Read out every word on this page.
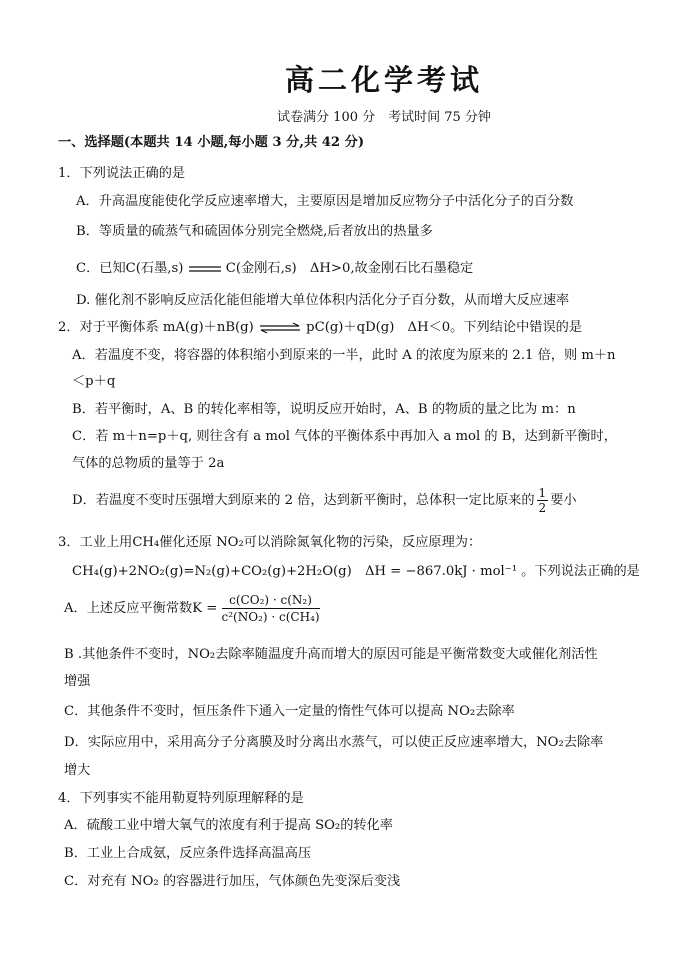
高二化学考试
试卷满分 100 分　考试时间 75 分钟
一、选择题(本题共 14 小题,每小题 3 分,共 42 分)
1．下列说法正确的是
A．升高温度能使化学反应速率增大，主要原因是增加反应物分子中活化分子的百分数
B．等质量的硫蒸气和硫固体分别完全燃烧,后者放出的热量多
C．已知C(石墨,s)	C(金刚石,s)　ΔH>0,故金刚石比石墨稳定
D. 催化剂不影响反应活化能但能增大单位体积内活化分子百分数，从而增大反应速率
2．对于平衡体系 mA(g)＋nB(g) ⇌ pC(g)＋qD(g)　ΔH＜0。下列结论中错误的是
A．若温度不变，将容器的体积缩小到原来的一半，此时 A 的浓度为原来的 2.1 倍，则 m＋n
＜p＋q
B．若平衡时，A、B 的转化率相等，说明反应开始时，A、B 的物质的量之比为 m：n
C．若 m＋n=p＋q, 则往含有 a mol 气体的平衡体系中再加入 a mol 的 B，达到新平衡时，
气体的总物质的量等于 2a
D．若温度不变时压强增大到原来的 2 倍，达到新平衡时，总体积一定比原来的 $\frac{1}{2}$ 要小
3．工业上用CH₄催化还原 NO₂可以消除氮氧化物的污染，反应原理为：
CH₄(g)+2NO₂(g)=N₂(g)+CO₂(g)+2H₂O(g)　ΔH = −867.0kJ · mol⁻¹ 。下列说法正确的是
A．上述反应平衡常数$K = \frac{\text{c(CO₂) · c(N₂)}}{\text{c²(NO₂) · c(CH₄)}}$
B .其他条件不变时，NO₂去除率随温度升高而增大的原因可能是平衡常数变大或催化剂活性
增强
C．其他条件不变时，恒压条件下通入一定量的惰性气体可以提高 NO₂去除率
D．实际应用中，采用高分子分离膜及时分离出水蒸气，可以使正反应速率增大，NO₂去除率
增大
4．下列事实不能用勒夏特列原理解释的是
A．硫酸工业中增大氧气的浓度有利于提高 SO₂的转化率
B．工业上合成氨，反应条件选择高温高压
C．对充有 NO₂ 的容器进行加压，气体颜色先变深后变浅
